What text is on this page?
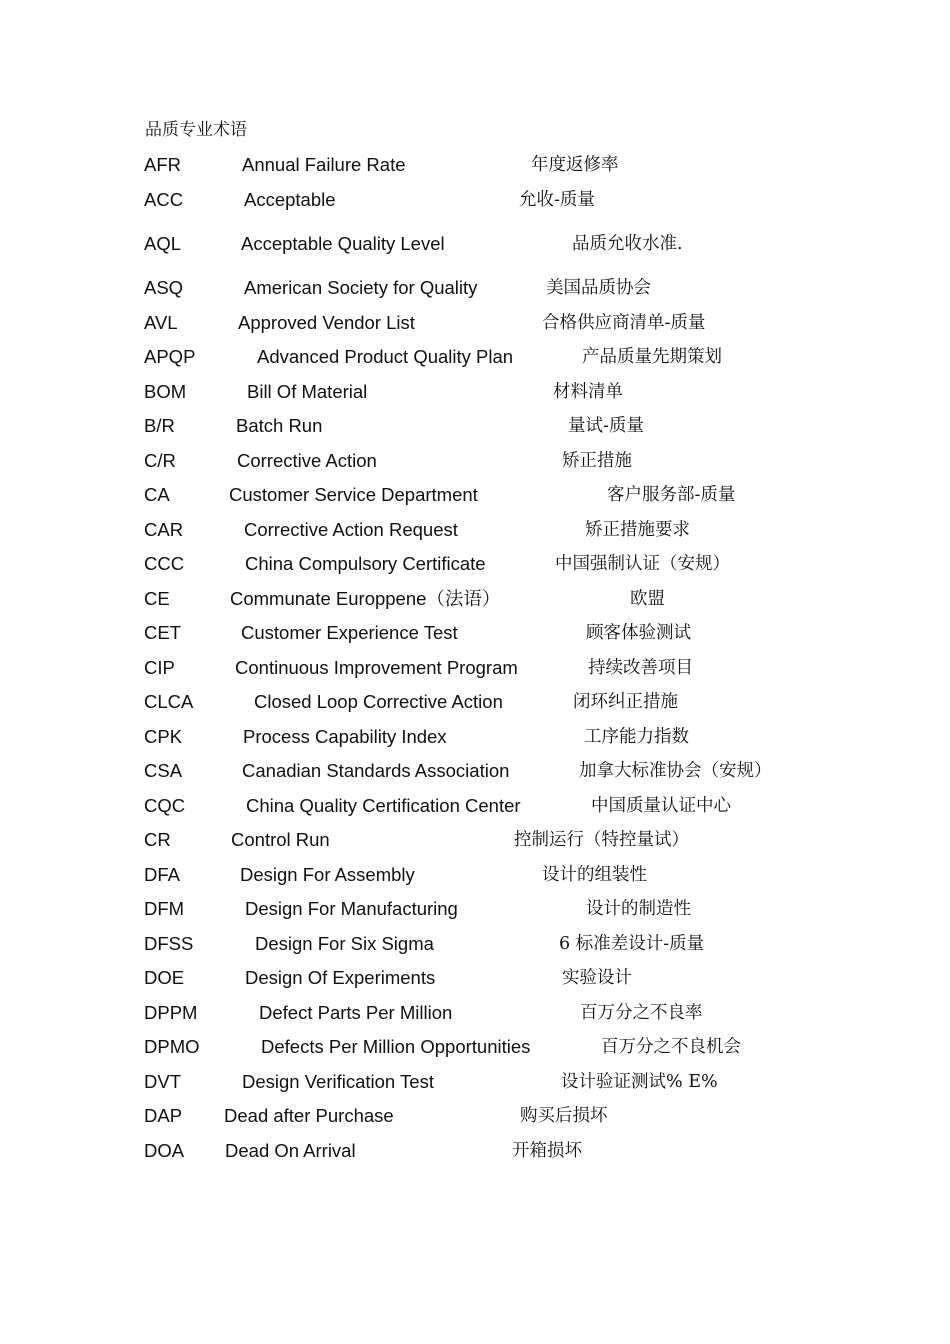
品质专业术语
AFR	Annual Failure Rate	年度返修率
ACC	Acceptable	允收-质量
AQL	Acceptable Quality Level	品质允收水准.
ASQ	American Society for Quality	美国品质协会
AVL	Approved Vendor List	合格供应商清单-质量
APQP	Advanced Product Quality Plan	产品质量先期策划
BOM	Bill Of Material	材料清单
B/R	Batch Run	量试-质量
C/R	Corrective Action	矫正措施
CA	Customer Service Department	客户服务部-质量
CAR	Corrective Action Request	矫正措施要求
CCC	China Compulsory Certificate	中国强制认证（安规）
CE	Communate Europpene（法语）	欧盟
CET	Customer Experience Test	顾客体验测试
CIP	Continuous Improvement Program	持续改善项目
CLCA	Closed Loop Corrective Action	闭环纠正措施
CPK	Process Capability Index	工序能力指数
CSA	Canadian Standards Association	加拿大标准协会（安规）
CQC	China Quality Certification Center	中国质量认证中心
CR	Control Run	控制运行（特控量试）
DFA	Design For Assembly	设计的组装性
DFM	Design For Manufacturing	设计的制造性
DFSS	Design For Six Sigma	6 标准差设计-质量
DOE	Design Of Experiments	实验设计
DPPM	Defect Parts Per Million	百万分之不良率
DPMO	Defects Per Million Opportunities	百万分之不良机会
DVT	Design Verification Test	设计验证测试% E%
DAP Dead after Purchase	购买后损坏
DOA Dead On Arrival	开箱损坏
